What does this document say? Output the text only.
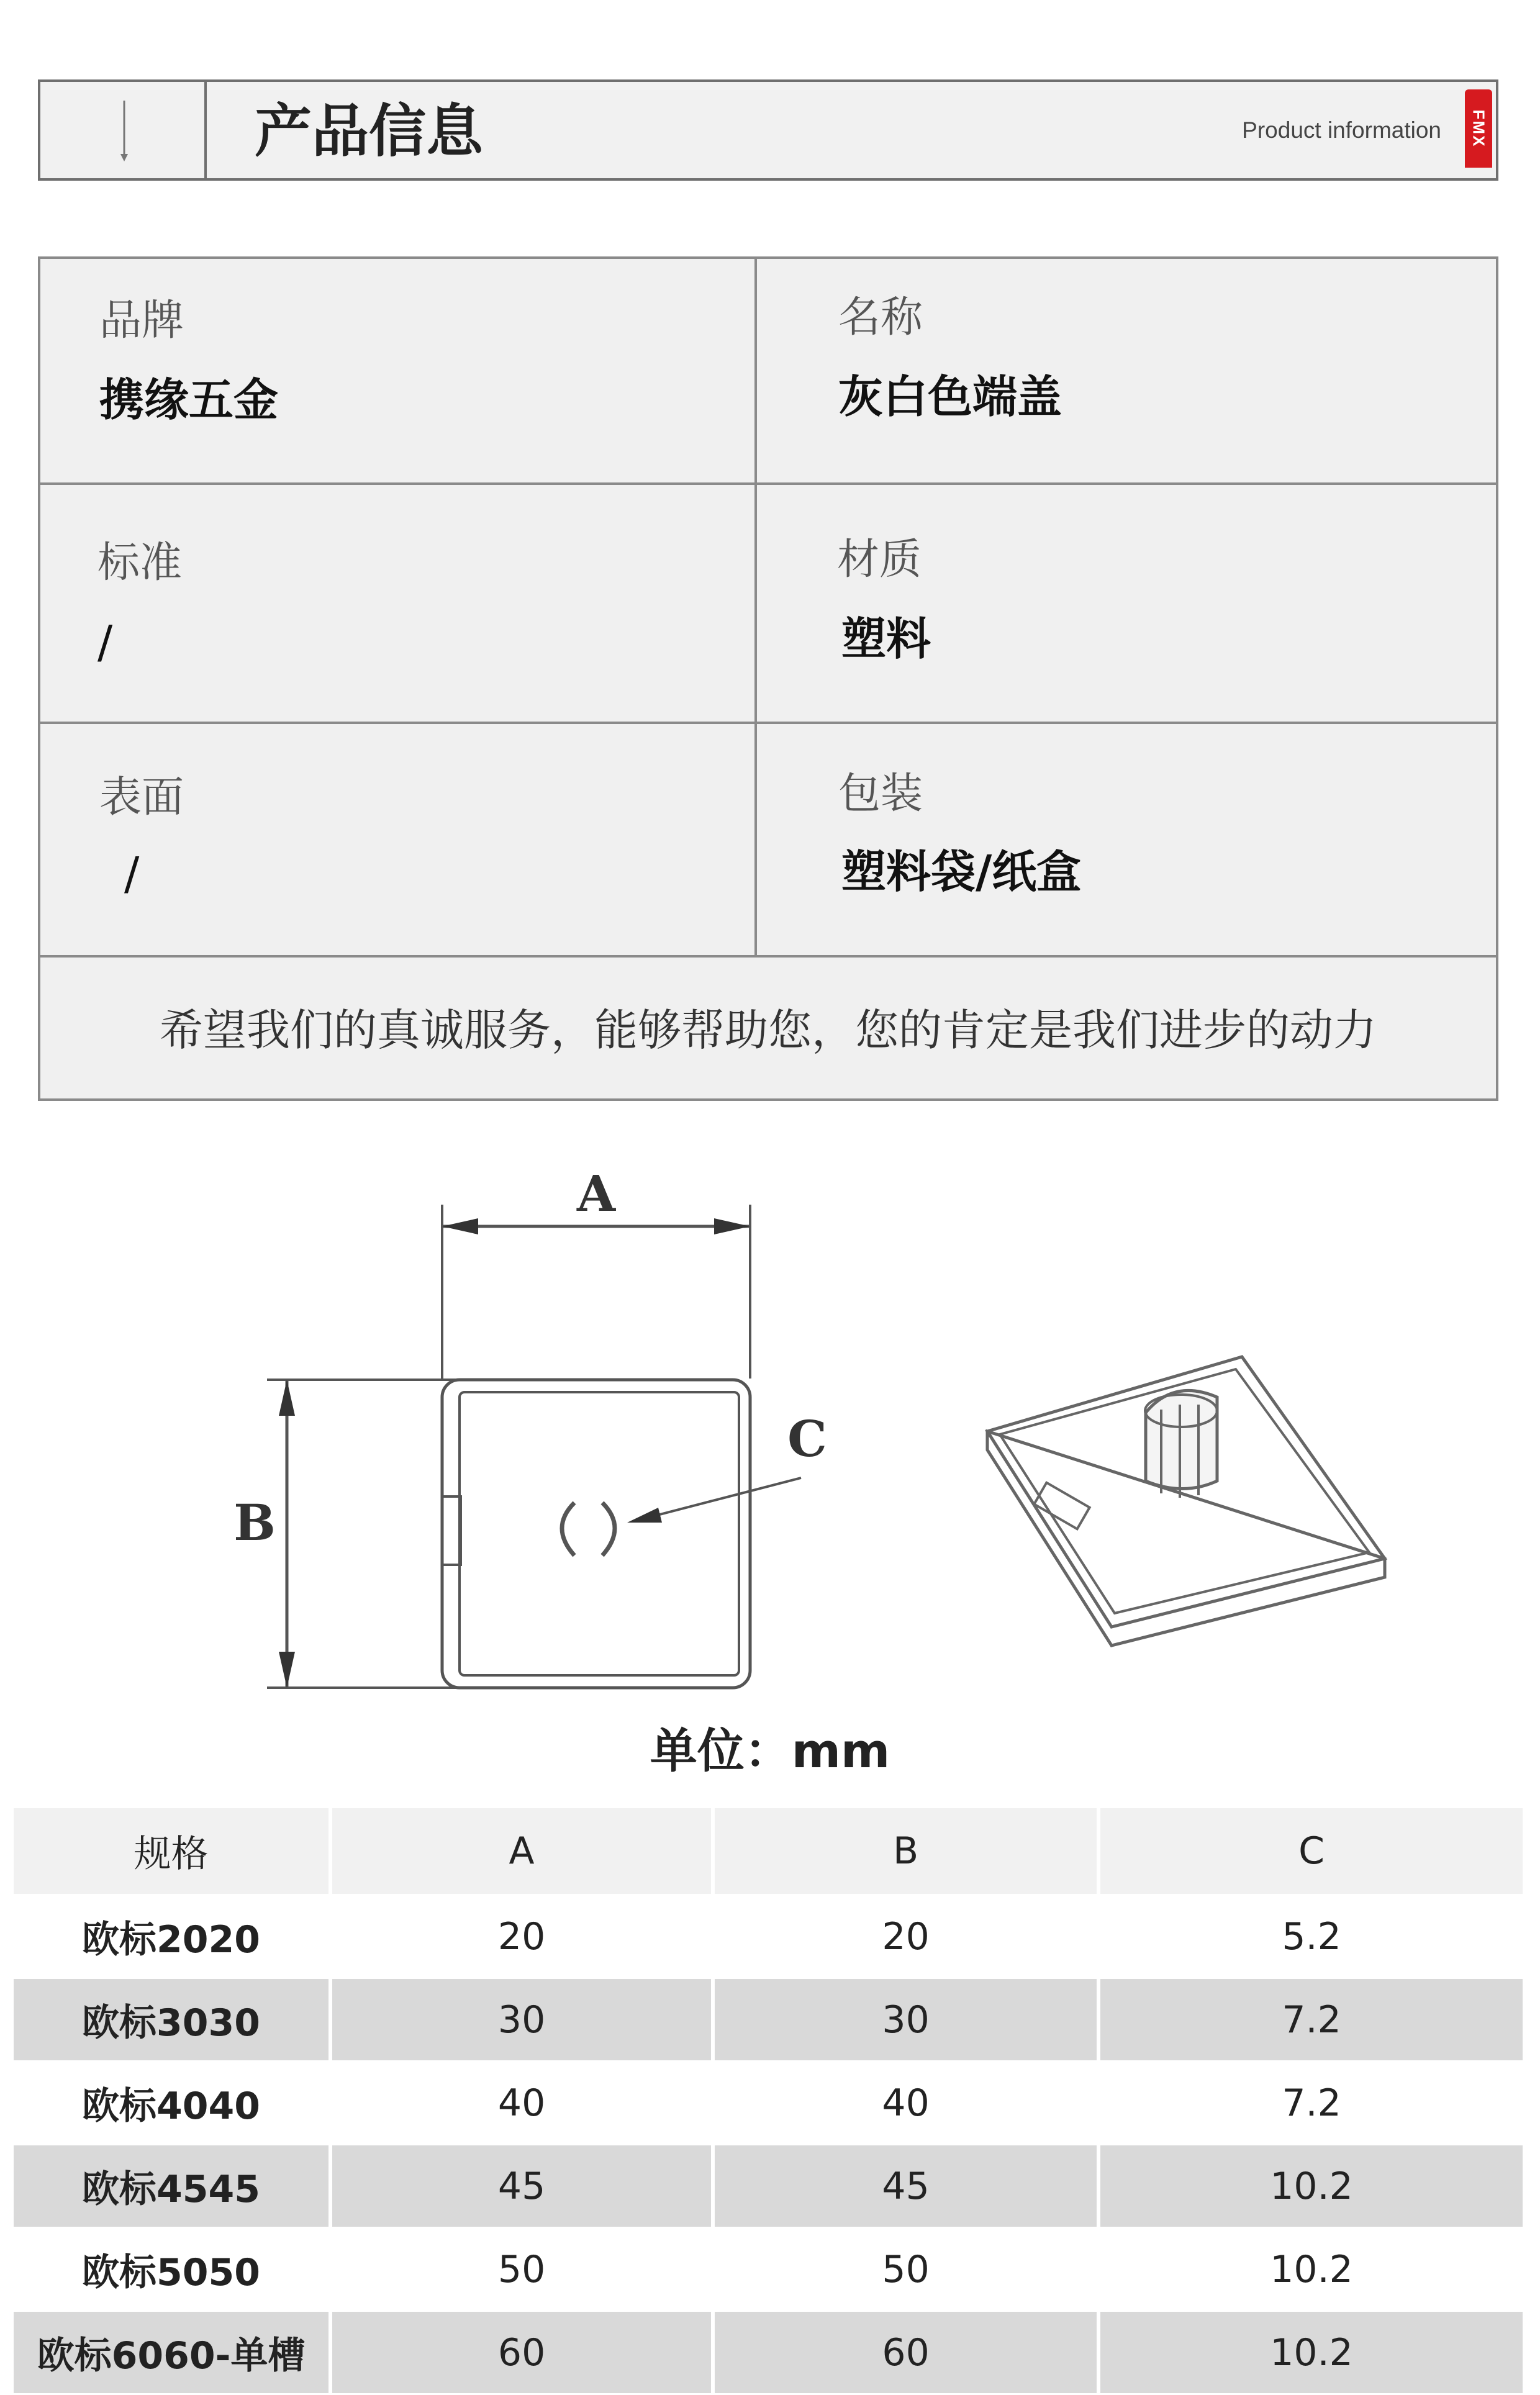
产品信息	Product information FMX
品牌
携缘五金
名称
灰白色端盖
标准
/
材质
塑料
表面
/
包装
塑料袋/纸盒
希望我们的真诚服务，能够帮助您，您的肯定是我们进步的动力
A
B
C
单位：mm
规格	A	B	C
欧标2020	20	20	5.2
欧标3030	30	30	7.2
欧标4040	40	40	7.2
欧标4545	45	45	10.2
欧标5050	50	50	10.2
欧标6060-单槽	60	60	10.2
